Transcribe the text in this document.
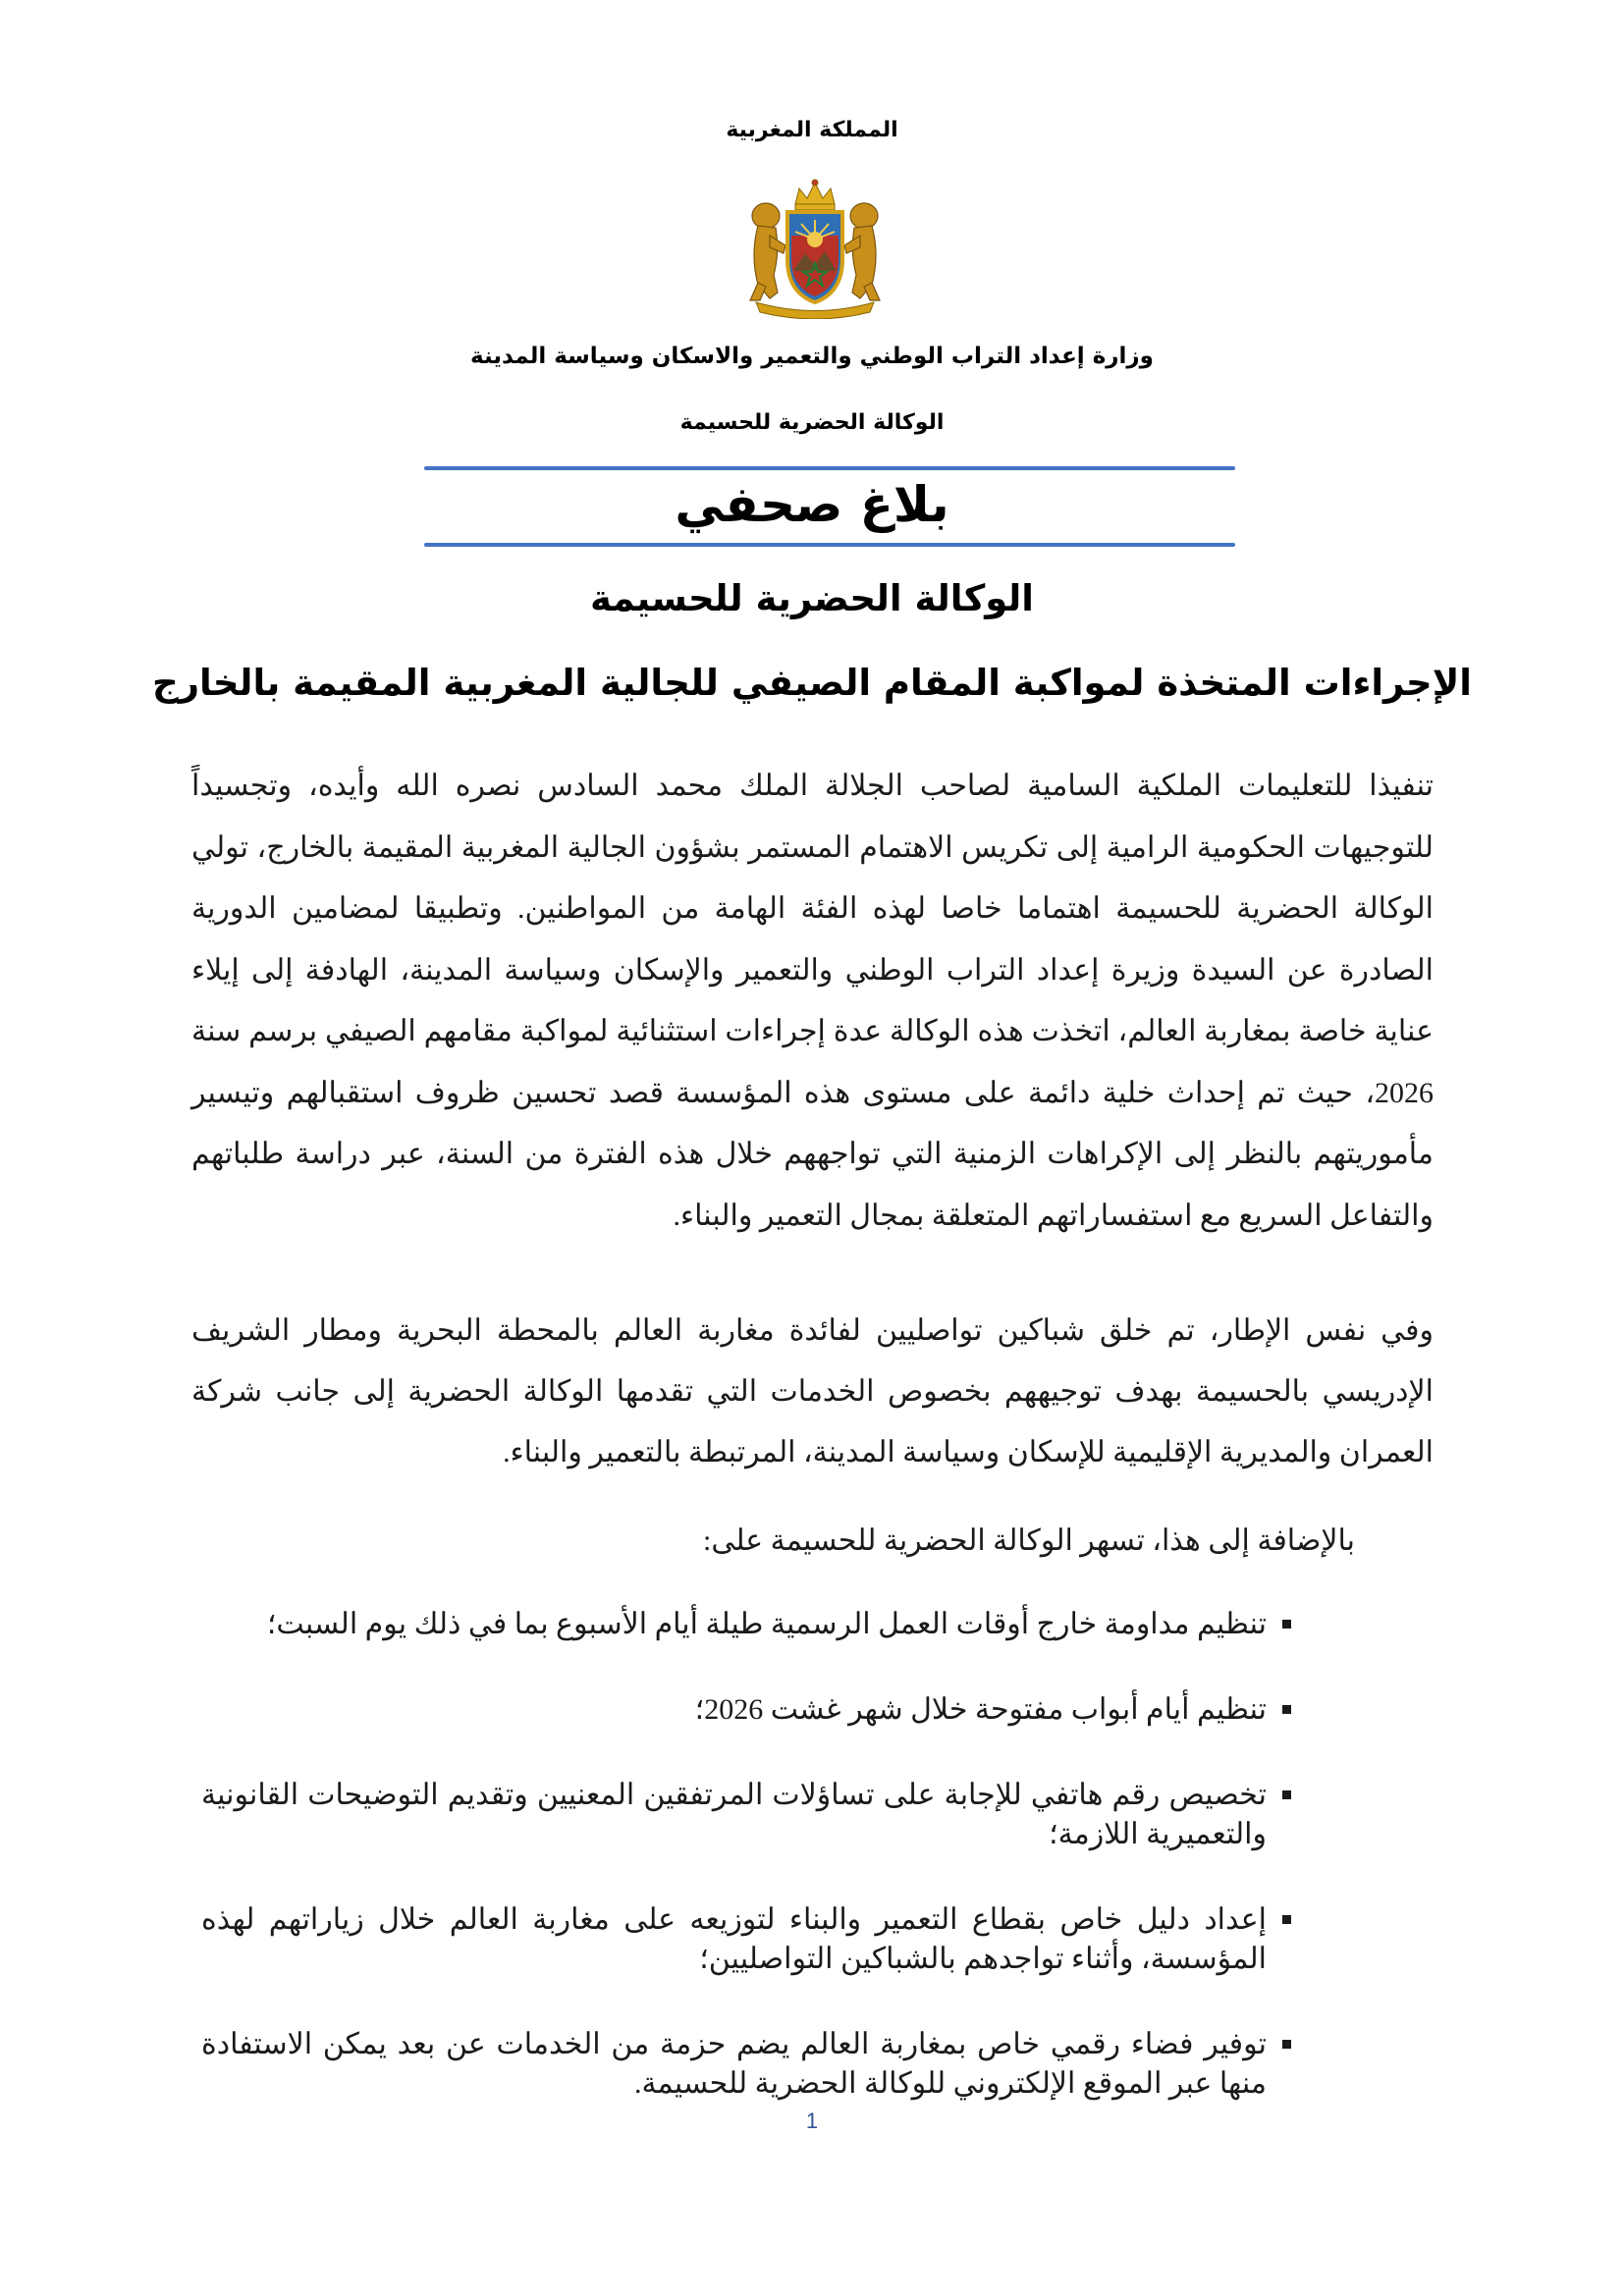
المملكة المغربية
وزارة إعداد التراب الوطني والتعمير والاسكان وسياسة المدينة
الوكالة الحضرية للحسيمة
بلاغ صحفي
الوكالة الحضرية للحسيمة
الإجراءات المتخذة لمواكبة المقام الصيفي للجالية المغربية المقيمة بالخارج

تنفيذا للتعليمات الملكية السامية لصاحب الجلالة الملك محمد السادس نصره الله وأيده، وتجسيداً للتوجيهات الحكومية الرامية إلى تكريس الاهتمام المستمر بشؤون الجالية المغربية المقيمة بالخارج، تولي الوكالة الحضرية للحسيمة اهتماما خاصا لهذه الفئة الهامة من المواطنين. وتطبيقا لمضامين الدورية الصادرة عن السيدة وزيرة إعداد التراب الوطني والتعمير والإسكان وسياسة المدينة، الهادفة إلى إيلاء عناية خاصة بمغاربة العالم، اتخذت هذه الوكالة عدة إجراءات استثنائية لمواكبة مقامهم الصيفي برسم سنة 2026، حيث تم إحداث خلية دائمة على مستوى هذه المؤسسة قصد تحسين ظروف استقبالهم وتيسير مأموريتهم بالنظر إلى الإكراهات الزمنية التي تواجههم خلال هذه الفترة من السنة، عبر دراسة طلباتهم والتفاعل السريع مع استفساراتهم المتعلقة بمجال التعمير والبناء.

وفي نفس الإطار، تم خلق شباكين تواصليين لفائدة مغاربة العالم بالمحطة البحرية ومطار الشريف الإدريسي بالحسيمة بهدف توجيههم بخصوص الخدمات التي تقدمها الوكالة الحضرية إلى جانب شركة العمران والمديرية الإقليمية للإسكان وسياسة المدينة، المرتبطة بالتعمير والبناء.

بالإضافة إلى هذا، تسهر الوكالة الحضرية للحسيمة على:

تنظيم مداومة خارج أوقات العمل الرسمية طيلة أيام الأسبوع بما في ذلك يوم السبت؛
تنظيم أيام أبواب مفتوحة خلال شهر غشت 2026؛
تخصيص رقم هاتفي للإجابة على تساؤلات المرتفقين المعنيين وتقديم التوضيحات القانونية والتعميرية اللازمة؛
إعداد دليل خاص بقطاع التعمير والبناء لتوزيعه على مغاربة العالم خلال زياراتهم لهذه المؤسسة، وأثناء تواجدهم بالشباكين التواصليين؛
توفير فضاء رقمي خاص بمغاربة العالم يضم حزمة من الخدمات عن بعد يمكن الاستفادة منها عبر الموقع الإلكتروني للوكالة الحضرية للحسيمة.
1
